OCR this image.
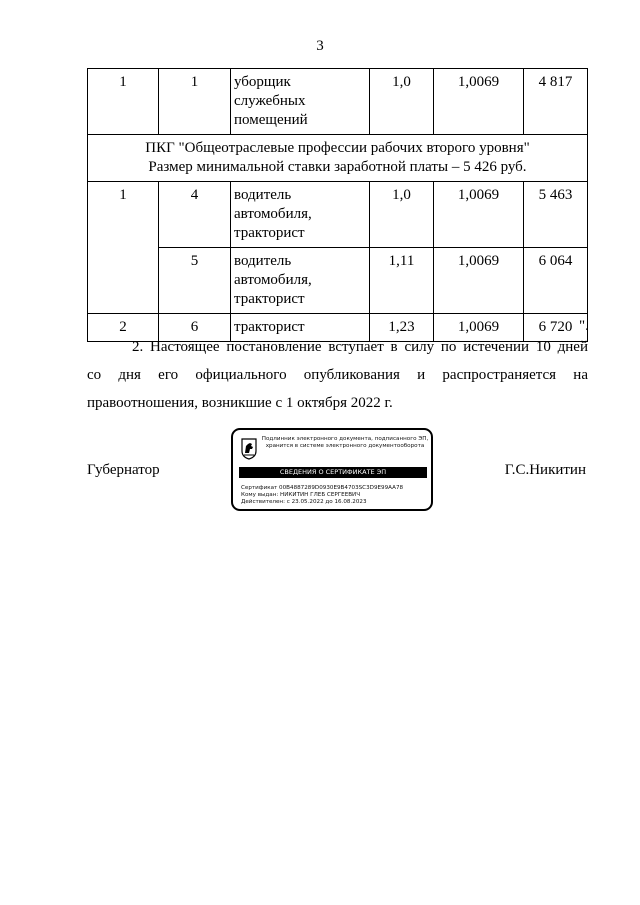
3
1	1	уборщик служебных помещений	1,0	1,0069	4 817

ПКГ "Общеотраслевые профессии рабочих второго уровня"
Размер минимальной ставки заработной платы – 5 426 руб.					

1	4	водитель автомобиля, тракторист	1,0	1,0069	5 463
	5	водитель автомобиля, тракторист	1,11	1,0069	6 064
2	6	тракторист	1,23	1,0069	6 720 ".
2. Настоящее постановление вступает в силу по истечении 10 дней
со дня его официального опубликования и распространяется на
правоотношения, возникшие с 1 октября 2022 г.
Губернатор	Г.С.Никитин
Подлинник электронного документа, подписанного ЭП,
хранится в системе электронного документооборота
СВЕДЕНИЯ О СЕРТИФИКАТЕ ЭП
Сертификат 00B4887289D0930E9B4703SC3D9E99AA78
Кому выдан: НИКИТИН ГЛЕБ СЕРГЕЕВИЧ
Действителен: с 23.05.2022 до 16.08.2023
